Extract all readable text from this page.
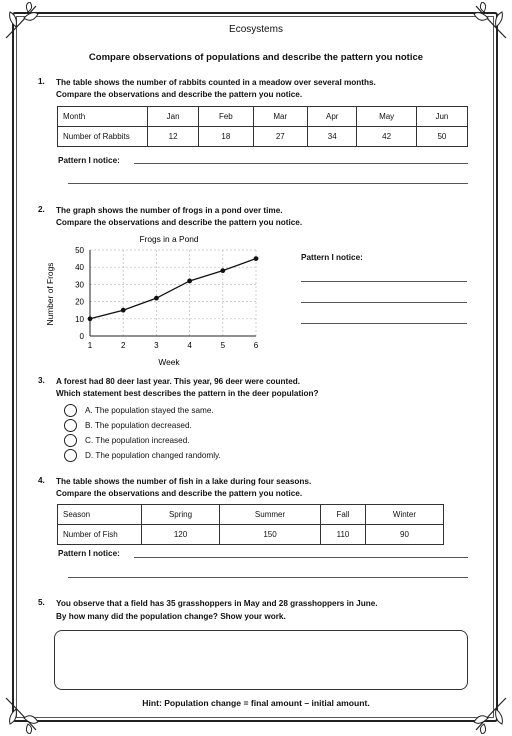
Ecosystems
Compare observations of populations and describe the pattern you notice
1. The table shows the number of rabbits counted in a meadow over several months.
Compare the observations and describe the pattern you notice.
Month	Jan	Feb	Mar	Apr	May	Jun
Number of Rabbits	12	18	27	34	42	50
Pattern I notice:
2. The graph shows the number of frogs in a pond over time.
Compare the observations and describe the pattern you notice.
Frogs in a Pond
0
10
20
30
40
50
1	2	3	4	5	6
Week
Number of Frogs
Pattern I notice:
3. A forest had 80 deer last year. This year, 96 deer were counted.
Which statement best describes the pattern in the deer population?
A. The population stayed the same.
B. The population decreased.
C. The population increased.
D. The population changed randomly.
4. The table shows the number of fish in a lake during four seasons.
Compare the observations and describe the pattern you notice.
Season	Spring	Summer	Fall	Winter
Number of Fish	120	150	110	90
Pattern I notice:
5. You observe that a field has 35 grasshoppers in May and 28 grasshoppers in June.
By how many did the population change? Show your work.
Hint: Population change = final amount – initial amount.
